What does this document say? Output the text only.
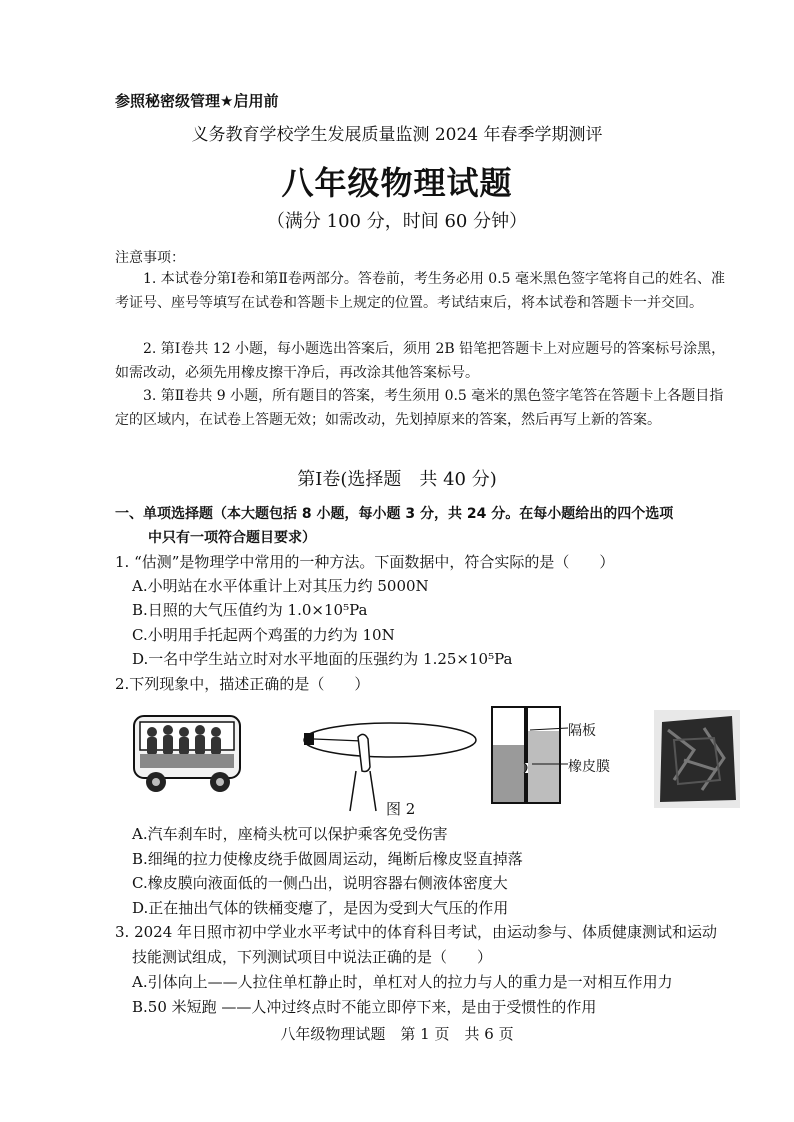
参照秘密级管理★启用前
义务教育学校学生发展质量监测 2024 年春季学期测评
八年级物理试题
（满分 100 分，时间 60 分钟）
注意事项：
1. 本试卷分第Ⅰ卷和第Ⅱ卷两部分。答卷前，考生务必用 0.5 毫米黑色签字笔将自己的姓名、准考证号、座号等填写在试卷和答题卡上规定的位置。考试结束后，将本试卷和答题卡一并交回。
2. 第Ⅰ卷共 12 小题，每小题选出答案后，须用 2B 铅笔把答题卡上对应题号的答案标号涂黑，如需改动，必须先用橡皮擦干净后，再改涂其他答案标号。
3. 第Ⅱ卷共 9 小题，所有题目的答案，考生须用 0.5 毫米的黑色签字笔答在答题卡上各题目指定的区域内，在试卷上答题无效；如需改动，先划掉原来的答案，然后再写上新的答案。
第Ⅰ卷(选择题　共 40 分)
一、单项选择题（本大题包括 8 小题，每小题 3 分，共 24 分。在每小题给出的四个选项
中只有一项符合题目要求）
1. “估测”是物理学中常用的一种方法。下面数据中，符合实际的是（　　）
A.小明站在水平体重计上对其压力约 5000N
B.日照的大气压值约为 1.0×10⁵Pa
C.小明用手托起两个鸡蛋的力约为 10N
D.一名中学生站立时对水平地面的压强约为 1.25×10⁵Pa
2.下列现象中，描述正确的是（　　）
隔板
橡皮膜
图 2
A.汽车刹车时，座椅头枕可以保护乘客免受伤害
B.细绳的拉力使橡皮绕手做圆周运动，绳断后橡皮竖直掉落
C.橡皮膜向液面低的一侧凸出，说明容器右侧液体密度大
D.正在抽出气体的铁桶变瘪了，是因为受到大气压的作用
3. 2024 年日照市初中学业水平考试中的体育科目考试，由运动参与、体质健康测试和运动
技能测试组成，下列测试项目中说法正确的是（　　）
A.引体向上——人拉住单杠静止时，单杠对人的拉力与人的重力是一对相互作用力
B.50 米短跑 ——人冲过终点时不能立即停下来，是由于受惯性的作用
八年级物理试题　第 1 页　共 6 页
